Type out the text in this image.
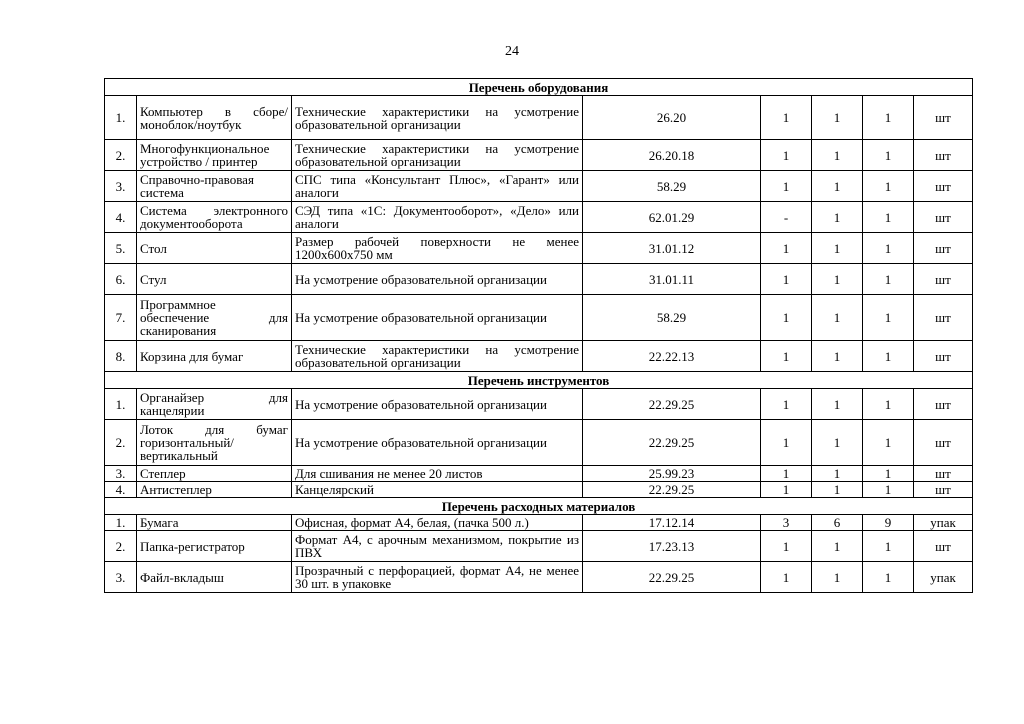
24
Перечень оборудования							
1.	Компьютер в сборе/моноблок/ноутбук	Технические характеристики на усмотрение образовательной организации	26.20	1	1	1	шт
2.	Многофункциональное устройство / принтер	Технические характеристики на усмотрение образовательной организации	26.20.18	1	1	1	шт
3.	Справочно-правовая система	СПС типа «Консультант Плюс», «Гарант» или аналоги	58.29	1	1	1	шт
4.	Система электронного документооборота	СЭД типа «1С: Документооборот», «Дело» или аналоги	62.01.29	-	1	1	шт
5.	Стол	Размер рабочей поверхности не менее 1200х600х750 мм	31.01.12	1	1	1	шт
6.	Стул	На усмотрение образовательной организации	31.01.11	1	1	1	шт
7.	Программное обеспечение для сканирования	На усмотрение образовательной организации	58.29	1	1	1	шт
8.	Корзина для бумаг	Технические характеристики на усмотрение образовательной организации	22.22.13	1	1	1	шт
Перечень инструментов							
1.	Органайзер для канцелярии	На усмотрение образовательной организации	22.29.25	1	1	1	шт
2.	Лоток для бумаг горизонтальный/вертикальный	На усмотрение образовательной организации	22.29.25	1	1	1	шт
3.	Степлер	Для сшивания не менее 20 листов	25.99.23	1	1	1	шт
4.	Антистеплер	Канцелярский	22.29.25	1	1	1	шт
Перечень расходных материалов							
1.	Бумага	Офисная, формат А4, белая, (пачка 500 л.)	17.12.14	3	6	9	упак
2.	Папка-регистратор	Формат А4, с арочным механизмом, покрытие из ПВХ	17.23.13	1	1	1	шт
3.	Файл-вкладыш	Прозрачный с перфорацией, формат А4, не менее 30 шт. в упаковке	22.29.25	1	1	1	упак
